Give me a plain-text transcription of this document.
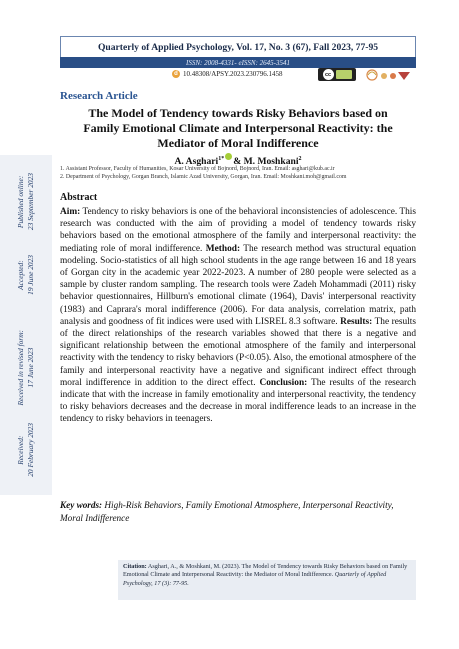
Published online:
23 September 2023
Accepted:
19 June 2023
Received in revised form:
17 June 2023
Received:
20 February 2023
Quarterly of Applied Psychology, Vol. 17, No. 3 (67), Fall 2023, 77-95
ISSN: 2008-4331- eISSN: 2645-3541
d 10.48308/APSY.2023.230796.1458	cc
Research Article
The Model of Tendency towards Risky Behaviors based on
Family Emotional Climate and Interpersonal Reactivity: the
Mediator of Moral Indifference
A. Asghari$^{1*}$ & M. Moshkani$^2$
1. Assistant Professor, Faculty of Humanities, Kosar University of Bojnord, Bojnord, Iran. Email: asghari@kub.ac.ir
2. Department of Psychology, Gorgan Branch, Islamic Azad University, Gorgan, Iran. Email: Moshkani.moh@gmail.com
Abstract
Aim: Tendency to risky behaviors is one of the behavioral inconsistencies of adolescence. This research was conducted with the aim of providing a model of tendency towards risky behaviors based on the emotional atmosphere of the family and interpersonal reactivity: the mediating role of moral indifference. Method: The research method was structural equation modeling. Socio-statistics of all high school students in the age range between 16 and 18 years of Gorgan city in the academic year 2022-2023. A number of 280 people were selected as a sample by cluster random sampling. The research tools were Zadeh Mohammadi (2011) risky behavior questionnaires, Hillburn's emotional climate (1964), Davis' interpersonal reactivity (1983) and Caprara's moral indifference (2006). For data analysis, correlation matrix, path analysis and goodness of fit indices were used with LISREL 8.3 software. Results: The results of the direct relationships of the research variables showed that there is a negative and significant relationship between the emotional atmosphere of the family and interpersonal reactivity with the tendency to risky behaviors (P<0.05). Also, the emotional atmosphere of the family and interpersonal reactivity have a negative and significant indirect effect through moral indifference in addition to the direct effect. Conclusion: The results of the research indicate that with the increase in family emotionality and interpersonal reactivity, the tendency to risky behaviors decreases and the decrease in moral indifference leads to an increase in the tendency to risky behaviors in teenagers.
Key words: High-Risk Behaviors, Family Emotional Atmosphere, Interpersonal Reactivity, Moral Indifference
Citation: Asghari, A., & Moshkani, M. (2023). The Model of Tendency towards Risky Behaviors based on Family Emotional Climate and Interpersonal Reactivity: the Mediator of Moral Indifference. Quarterly of Applied Psychology, 17 (3): 77-95.
